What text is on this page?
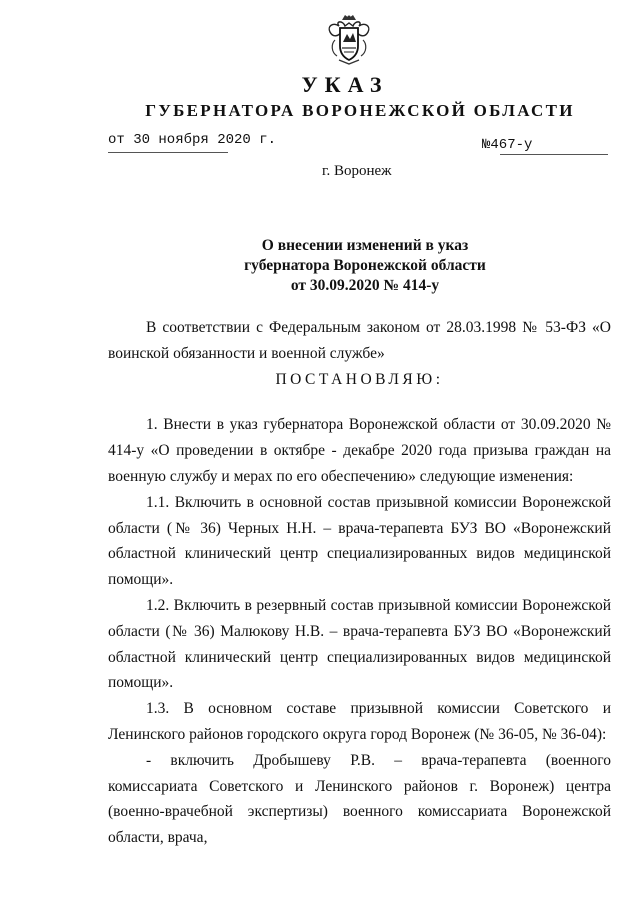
УКАЗ
ГУБЕРНАТОРА ВОРОНЕЖСКОЙ ОБЛАСТИ
от 30 ноября 2020 г.	№467-у
г. Воронеж
О внесении изменений в указ
губернатора Воронежской области
от 30.09.2020 № 414-у

В соответствии с Федеральным законом от 28.03.1998 № 53-ФЗ «О воинской обязанности и военной службе»

ПОСТАНОВЛЯЮ:

1. Внести в указ губернатора Воронежской области от 30.09.2020 № 414-у «О проведении в октябре - декабре 2020 года призыва граждан на военную службу и мерах по его обеспечению» следующие изменения:

1.1. Включить в основной состав призывной комиссии Воронежской области (№ 36) Черных Н.Н. – врача-терапевта БУЗ ВО «Воронежский областной клинический центр специализированных видов медицинской помощи».

1.2. Включить в резервный состав призывной комиссии Воронежской области (№ 36) Малюкову Н.В. – врача-терапевта БУЗ ВО «Воронежский областной клинический центр специализированных видов медицинской помощи».

1.3. В основном составе призывной комиссии Советского и Ленинского районов городского округа город Воронеж (№ 36-05, № 36-04):

- включить Дробышеву Р.В. – врача-терапевта (военного комиссариата Советского и Ленинского районов г. Воронеж) центра (военно-врачебной экспертизы) военного комиссариата Воронежской области, врача,
